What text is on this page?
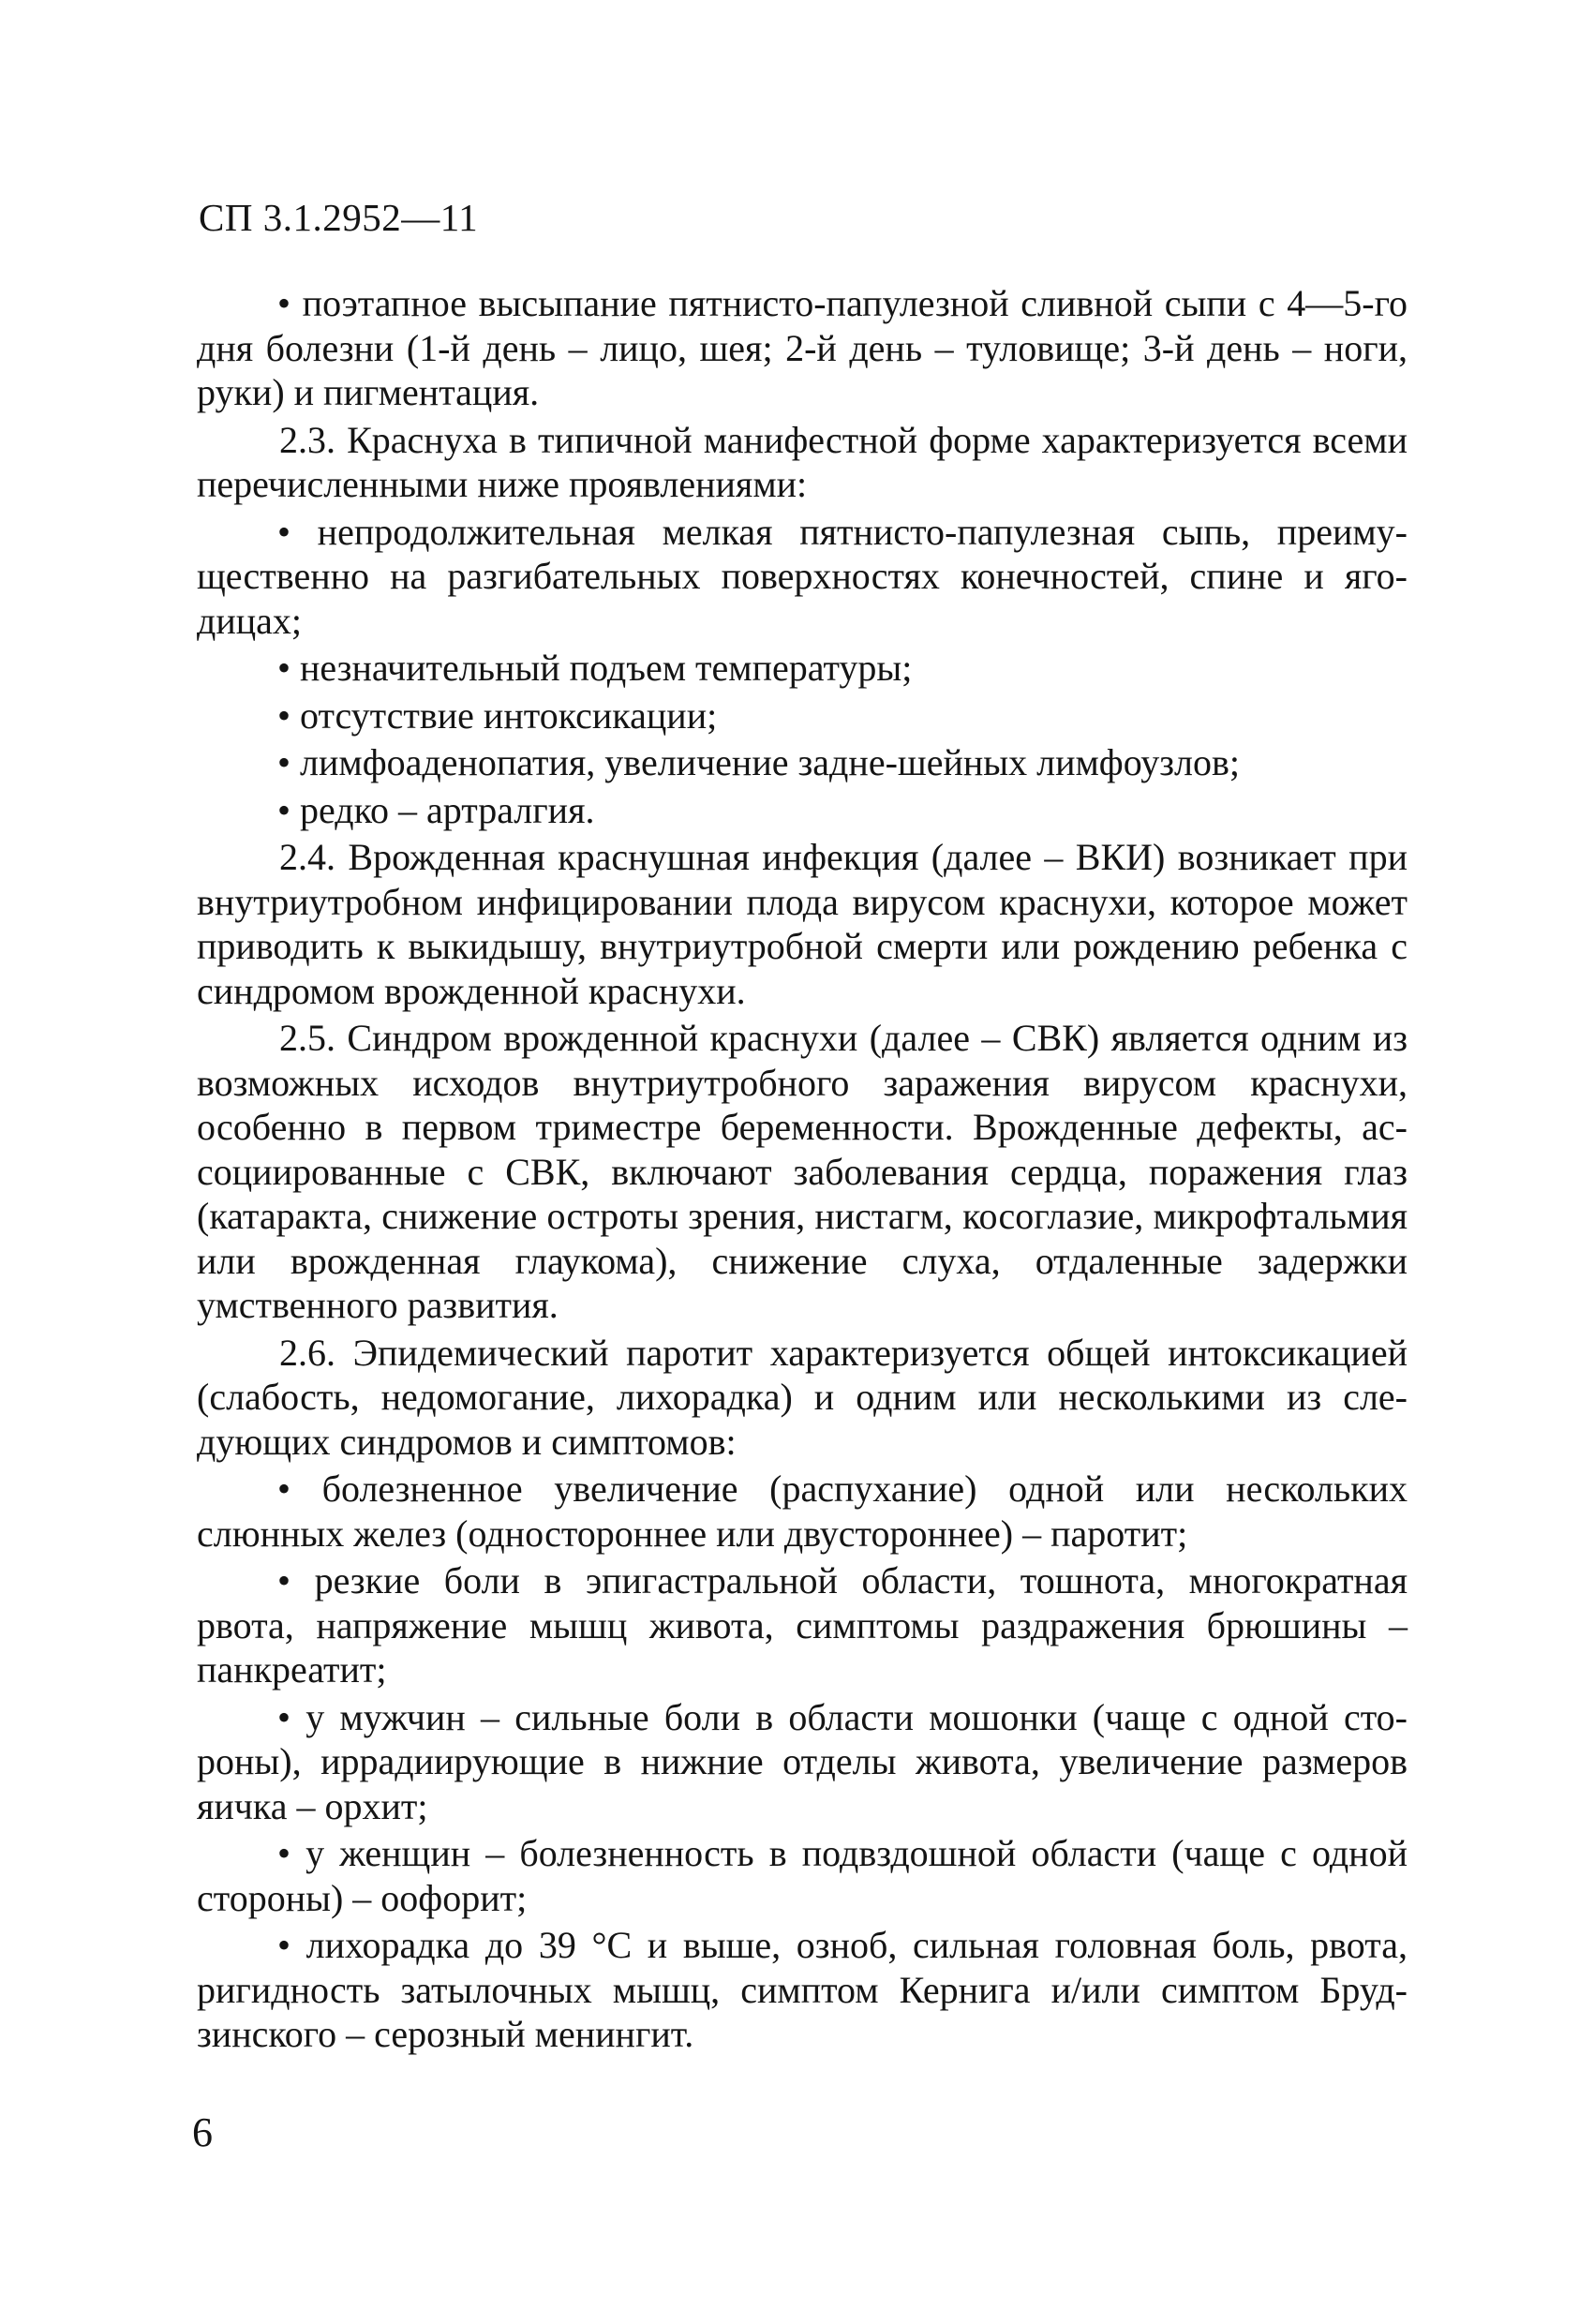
СП 3.1.2952—11

• поэтапное высыпание пятнисто-папулезной сливной сыпи с 4—5-го дня болезни (1-й день – лицо, шея; 2-й день – туловище; 3-й день – ноги, руки) и пигментация.

2.3. Краснуха в типичной манифестной форме характеризуется всеми перечисленными ниже проявлениями:

• непродолжительная мелкая пятнисто-папулезная сыпь, преимущественно на разгибательных поверхностях конечностей, спине и ягодицах;

• незначительный подъем температуры;

• отсутствие интоксикации;

• лимфоаденопатия, увеличение задне-шейных лимфоузлов;

• редко – артралгия.

2.4. Врожденная краснушная инфекция (далее – ВКИ) возникает при внутриутробном инфицировании плода вирусом краснухи, которое может приводить к выкидышу, внутриутробной смерти или рождению ребенка с синдромом врожденной краснухи.

2.5. Синдром врожденной краснухи (далее – СВК) является одним из возможных исходов внутриутробного заражения вирусом краснухи, особенно в первом триместре беременности. Врожденные дефекты, ассоциированные с СВК, включают заболевания сердца, поражения глаз (катаракта, снижение остроты зрения, нистагм, косоглазие, микрофтальмия или врожденная глаукома), снижение слуха, отдаленные задержки умственного развития.

2.6. Эпидемический паротит характеризуется общей интоксикацией (слабость, недомогание, лихорадка) и одним или несколькими из следующих синдромов и симптомов:

• болезненное увеличение (распухание) одной или нескольких слюнных желез (одностороннее или двустороннее) – паротит;

• резкие боли в эпигастральной области, тошнота, многократная рвота, напряжение мышц живота, симптомы раздражения брюшины – панкреатит;

• у мужчин – сильные боли в области мошонки (чаще с одной стороны), иррадиирующие в нижние отделы живота, увеличение размеров яичка – орхит;

• у женщин – болезненность в подвздошной области (чаще с одной стороны) – оофорит;

• лихорадка до 39 °С и выше, озноб, сильная головная боль, рвота, ригидность затылочных мышц, симптом Кернига и/или симптом Брудзинского – серозный менингит.

6
